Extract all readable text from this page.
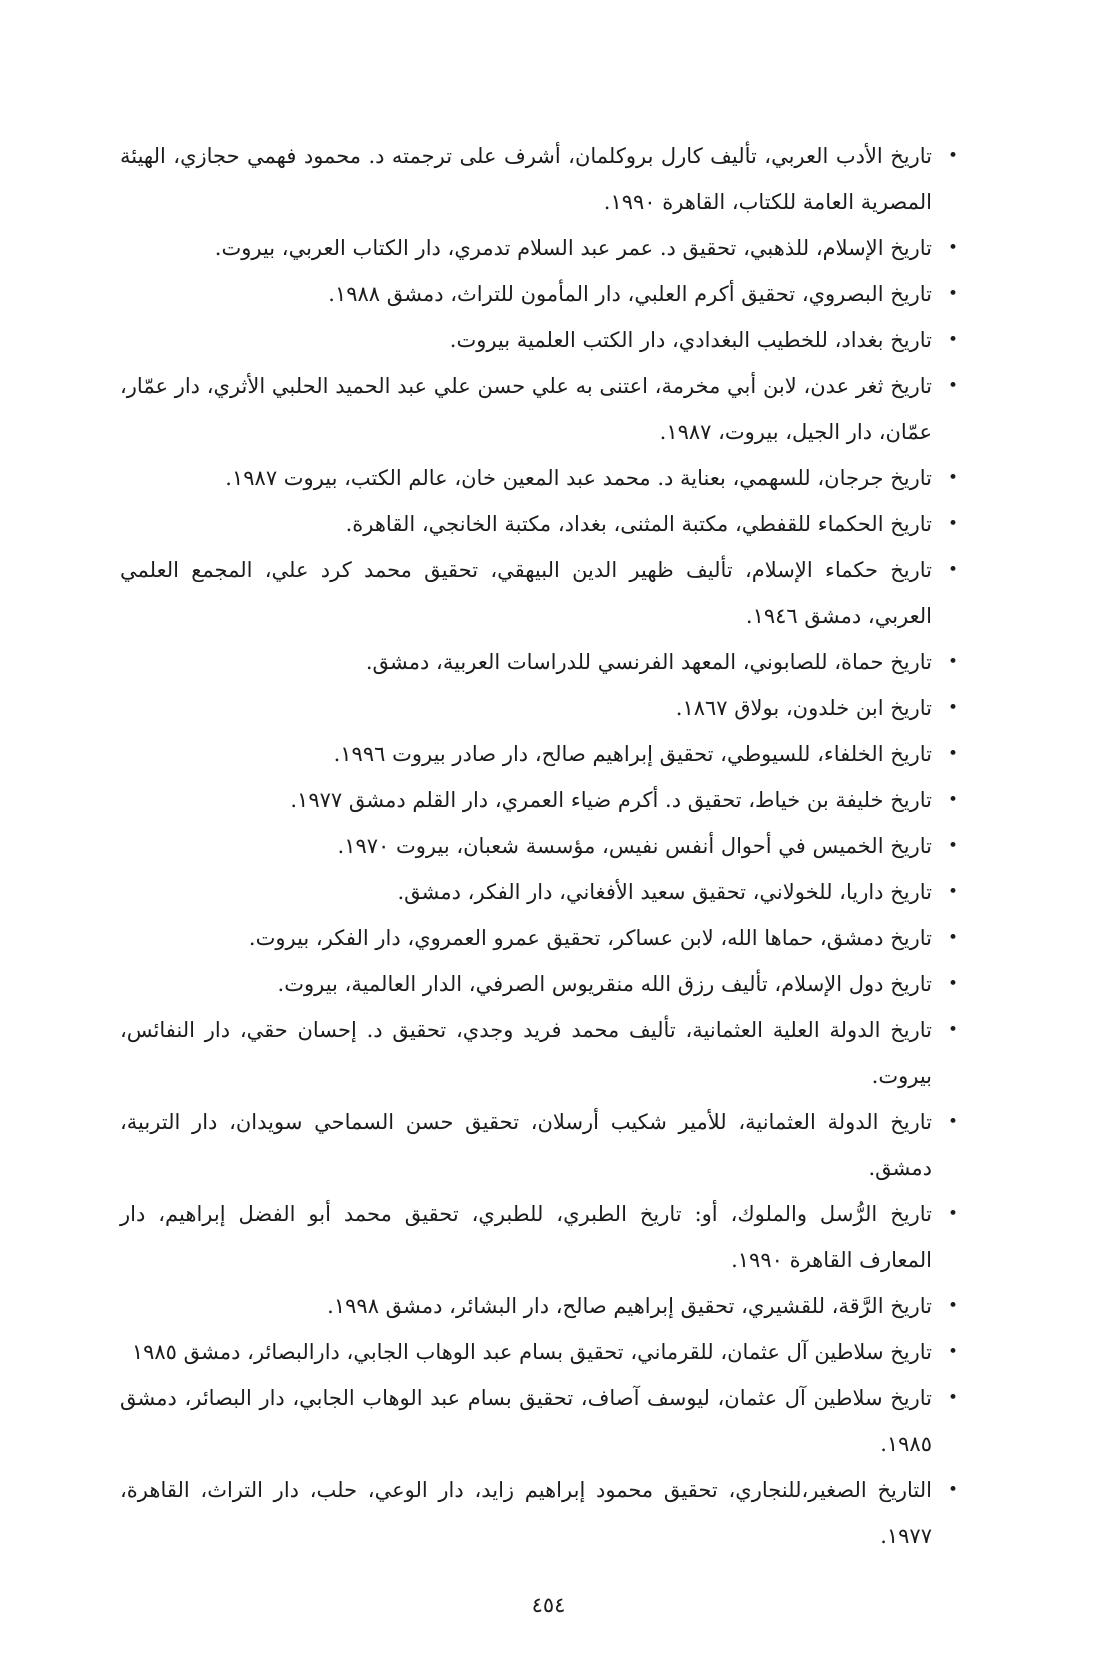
•
تاريخ الأدب العربي، تأليف كارل بروكلمان، أشرف على ترجمته د. محمود فهمي حجازي، الهيئة المصرية العامة للكتاب، القاهرة ١٩٩٠.
•
تاريخ الإسلام، للذهبي، تحقيق د. عمر عبد السلام تدمري، دار الكتاب العربي، بيروت.
•
تاريخ البصروي، تحقيق أكرم العلبي، دار المأمون للتراث، دمشق ١٩٨٨.
•
تاريخ بغداد، للخطيب البغدادي، دار الكتب العلمية بيروت.
•
تاريخ ثغر عدن، لابن أبي مخرمة، اعتنى به علي حسن علي عبد الحميد الحلبي الأثري، دار عمّار، عمّان، دار الجيل، بيروت، ١٩٨٧.
•
تاريخ جرجان، للسهمي، بعناية د. محمد عبد المعين خان، عالم الكتب، بيروت ١٩٨٧.
•
تاريخ الحكماء للقفطي، مكتبة المثنى، بغداد، مكتبة الخانجي، القاهرة.
•
تاريخ حكماء الإسلام، تأليف ظهير الدين البيهقي، تحقيق محمد كرد علي، المجمع العلمي العربي، دمشق ١٩٤٦.
•
تاريخ حماة، للصابوني، المعهد الفرنسي للدراسات العربية، دمشق.
•
تاريخ ابن خلدون، بولاق ١٨٦٧.
•
تاريخ الخلفاء، للسيوطي، تحقيق إبراهيم صالح، دار صادر بيروت ١٩٩٦.
•
تاريخ خليفة بن خياط، تحقيق د. أكرم ضياء العمري، دار القلم دمشق ١٩٧٧.
•
تاريخ الخميس في أحوال أنفس نفيس، مؤسسة شعبان، بيروت ١٩٧٠.
•
تاريخ داريا، للخولاني، تحقيق سعيد الأفغاني، دار الفكر، دمشق.
•
تاريخ دمشق، حماها الله، لابن عساكر، تحقيق عمرو العمروي، دار الفكر، بيروت.
•
تاريخ دول الإسلام، تأليف رزق الله منقريوس الصرفي، الدار العالمية، بيروت.
•
تاريخ الدولة العلية العثمانية، تأليف محمد فريد وجدي، تحقيق د. إحسان حقي، دار النفائس، بيروت.
•
تاريخ الدولة العثمانية، للأمير شكيب أرسلان، تحقيق حسن السماحي سويدان، دار التربية، دمشق.
•
تاريخ الرُّسل والملوك، أو: تاريخ الطبري، للطبري، تحقيق محمد أبو الفضل إبراهيم، دار المعارف القاهرة ١٩٩٠.
•
تاريخ الرَّقة، للقشيري، تحقيق إبراهيم صالح، دار البشائر، دمشق ١٩٩٨.
•
تاريخ سلاطين آل عثمان، للقرماني، تحقيق بسام عبد الوهاب الجابي، دارالبصائر، دمشق ١٩٨٥
•
تاريخ سلاطين آل عثمان، ليوسف آصاف، تحقيق بسام عبد الوهاب الجابي، دار البصائر، دمشق ١٩٨٥.
•
التاريخ الصغير،للنجاري، تحقيق محمود إبراهيم زايد، دار الوعي، حلب، دار التراث، القاهرة، ١٩٧٧.
٤٥٤
